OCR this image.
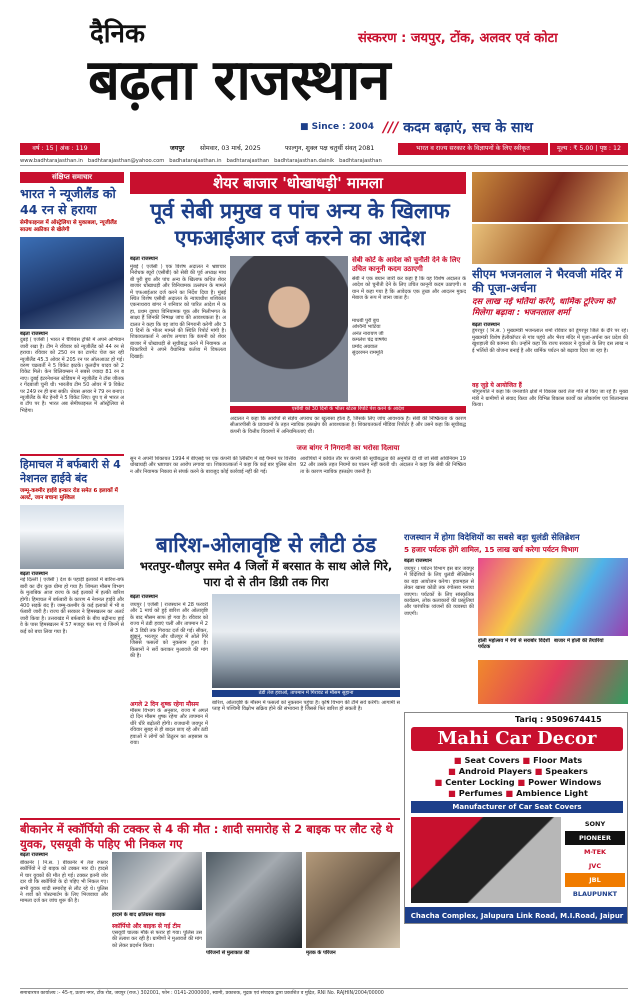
दैनिक
बढ़ता राजस्थान
संस्करण : जयपुर, टोंक, अलवर एवं कोटा
■ Since : 2004 /// कदम बढ़ाएं, सच के साथ
वर्ष : 15 | अंक : 119	जयपुर सोमवार, 03 मार्च, 2025	फाल्गुन, शुक्ल पक्ष चतुर्थी संवत् 2081	भारत व राज्य सरकार के विज्ञापनों के लिए स्वीकृत	मूल्य : ₹ 5.00 | पृष्ठ : 12
www.badhtarajasthan.in badhtarajasthan@yahoo.com badhatarajasthan.in badhtarajasthan badhtarajasthan.dainik badhtarajasthan
संक्षिप्त समाचार
भारत ने न्यूजीलैंड को 44 रन से हराया
सेमीफाइनल में ऑस्ट्रेलिया से मुकाबला, न्यूजीलैंड साउथ अफ्रीका से खेलेगी
बढ़ता राजस्थान
दुबई ( एजेंसी ) भारत ने चैंपियंस ट्रॉफी में अपने अभियान जारी रखा है। टीम ने रविवार को न्यूजीलैंड को 44 रन से हराया। रविवार को 250 रन का टारगेट चेज कर रही न्यूजीलैंड 45.3 ओवर में 205 रन पर ऑलआउट हो गई। वरुण चक्रवर्ती ने 5 विकेट झटके। कुलदीप यादव को 2 विकेट मिले। केन विलियम्सन ने सबसे ज्यादा 81 रन बनाए। दुबई इंटरनेशनल स्टेडियम में न्यूजीलैंड ने टॉस जीतकर गेंदबाजी चुनी थी। भारतीय टीम 50 ओवर में 9 विकेट पर 249 रन ही बना सकी। श्रेयस अय्यर ने 79 रन बनाए। न्यूजीलैंड के मैट हेनरी ने 5 विकेट लिए। ग्रुप ए से भारत अब टॉप पर है। भारत अब सेमीफाइनल में ऑस्ट्रेलिया से भिड़ेगा।
हिमाचल में बर्फबारी से 4 नेशनल हाईवे बंद
जम्मू-कश्मीर हाईवे इन्कार रोड समेत 6 इलाकों में अलर्ट, जान बचाना मुश्किल
बढ़ता राजस्थान
नई दिल्ली ( एजेंसी ) देश के पहाड़ी इलाकों में बारिश-बर्फबारी का दौर कुछ धीमा हो गया है। शिमला मौसम विभाग के मुताबिक आज राज्य के कई इलाकों में हल्की बारिश होगी। हिमाचल में बर्फबारी के कारण 4 नेशनल हाईवे और 400 सड़कें बंद हैं। जम्मू-कश्मीर के कई इलाकों में भी बर्फबारी जारी है। राज्य की सरकार ने हिमस्खलन का अलर्ट जारी किया है। उत्तराखंड में बर्फबारी के बीच बद्रीनाथ हाईवे के पास हिमस्खलन में 57 मजदूर फंस गए थे जिनमें से कई को बचा लिया गया है।
शेयर बाजार 'धोखाधड़ी' मामला
पूर्व सेबी प्रमुख व पांच अन्य के खिलाफ एफआईआर दर्ज करने का आदेश
बढ़ता राजस्थान
मुंबई ( एजेंसी ) एक विशेष अदालत ने भ्रष्टाचार निरोधक ब्यूरो (एसीबी) को सेबी की पूर्व अध्यक्ष माधबी पुरी बुच और पांच अन्य के खिलाफ कथित शेयर बाजार धोखाधड़ी और विनियामक उल्लंघन के मामले में एफआईआर दर्ज करने का निर्देश दिया है। मुंबई स्थित विशेष एसीबी अदालत के न्यायाधीश शशिकांत एकनाथराव बांगर ने शनिवार को पारित आदेश में कहा, प्रथम दृष्टया विनियामक चूक और मिलीभगत के साक्ष्य हैं जिनकी निष्पक्ष जांच की आवश्यकता है। अदालत ने कहा कि वह जांच की निगरानी करेगी और 30 दिनों के भीतर मामले की स्थिति रिपोर्ट मांगी है। शिकायतकर्ता ने आरोप लगाया कि कंपनी को शेयर बाजार में धोखाधड़ी से सूचीबद्ध करने में नियामक अधिकारियों ने अपने वैधानिक कर्तव्य में विफलता दिखाई।
सेबी कोर्ट के आदेश को चुनौती देने के लिए उचित कानूनी कदम उठाएगी
सेबी ने एक बयान जारी कर कहा है कि वह विशेष अदालत के आदेश को चुनौती देने के लिए उचित कानूनी कदम उठाएगी। बयान में कहा गया है कि आवेदक एक तुच्छ और आदतन मुकदमेबाज के रूप में जाना जाता है।
माधबी पुरी बुच
अश्विनी भाटिया
अनंत नारायण जी
कमलेश चंद्र वार्ष्णेय
प्रमोद अग्रवाल
सुंदररमन राममूर्ति
एसीबी को 30 दिनों के भीतर स्टेटस रिपोर्ट पेश करने के आदेश
अदालत ने कहा कि आरोपों से संज्ञेय अपराध का खुलासा होता है, जिसके लिए जांच आवश्यक है। सेबी की निष्क्रियता के कारण सीआरपीसी के प्रावधानों के तहत न्यायिक हस्तक्षेप की आवश्यकता है। शिकायतकर्ता मीडिया रिपोर्टर है और उसने कहा कि सूचीबद्ध कंपनी के वित्तीय विवरणों में अनियमितताएं थीं।
जज बांगर ने निगरानी का भरोसा दिलाया
सुन ने अपनी शिकायत 1994 में बीएसई पर एक कंपनी की लिस्टिंग में बड़े पैमाने पर वित्तीय धोखाधड़ी और भ्रष्टाचार का आरोप लगाया था। शिकायतकर्ता ने कहा कि कई बार पुलिस स्टेशन और नियामक निकाय से संपर्क करने के बावजूद कोई कार्रवाई नहीं की गई।
आरोपियों ने कथित तौर पर कंपनी की सूचीबद्धता की अनुमति दी थी जो सेबी अधिनियम 1992 और उसके तहत नियमों का पालन नहीं करती थी। अदालत ने कहा कि सेबी की निष्क्रियता के कारण न्यायिक हस्तक्षेप जरूरी है।
सीएम भजनलाल ने भैरवजी मंदिर में की पूजा-अर्चना
दस लाख नई भर्तियां करेंगे, धार्मिक टूरिज्म को मिलेगा बढ़ावा : भजनलाल शर्मा
बढ़ता राजस्थान
डूंगरपुर ( नि.स. ) मुख्यमंत्री भजनलाल शर्मा रविवार को डूंगरपुर जिले के दौरे पर रहे। मुख्यमंत्री विशेष हेलीकॉप्टर से गांव पहुंचे और भैरव मंदिर में पूजा-अर्चना कर प्रदेश की खुशहाली की कामना की। उन्होंने कहा कि राज्य सरकार ने युवाओं के लिए दस लाख नई भर्तियों की योजना बनाई है और धार्मिक पर्यटन को बढ़ावा दिया जा रहा है।
वह जुड़े ये आयोजित हैं
श्रीगुरुपति ने कहा कि जनजाति क्षेत्रों में विकास कार्य तेज गति से किए जा रहे हैं। मुख्यमंत्री ने ग्रामीणों से संवाद किया और विभिन्न विकास कार्यों का लोकार्पण एवं शिलान्यास किया।
बारिश-ओलावृष्टि से लौटी ठंड
भरतपुर-धौलपुर समेत 4 जिलों में बरसात के साथ ओले गिरे, पारा दो से तीन डिग्री तक गिरा
बढ़ता राजस्थान
जयपुर ( एजेंसी ) राजस्थान में 28 फरवरी और 1 मार्च को हुई बारिश और ओलावृष्टि के बाद मौसम साफ हो गया है। रविवार को राज्य में ठंडी हवाएं चलीं और तापमान में 2 से 3 डिग्री तक गिरावट दर्ज की गई। सीकर, झुंझुनूं, भरतपुर और धौलपुर में ओले गिरे जिससे फसलों को नुकसान हुआ है। किसानों ने सर्वे कराकर मुआवजे की मांग की है।
ठंडी तेज हवाओं, तापमान में गिरावट से मौसम सुहाना
बारिश, ओलावृष्टि के मौसम में फसलों को नुकसान पहुंचा है। कृषि विभाग की टीमें सर्वे करेंगी। आगामी सप्ताह में पश्चिमी विक्षोभ सक्रिय होने की संभावना है जिससे फिर बारिश हो सकती है।
अगले 2 दिन शुष्क रहेगा मौसम
मौसम विभाग के अनुसार, राज्य में अगले दो दिन मौसम शुष्क रहेगा और तापमान में धीरे धीरे बढ़ोतरी होगी। राजधानी जयपुर में रविवार सुबह से ही बादल छाए रहे और ठंडी हवाओं ने लोगों को ठिठुरन का अहसास कराया।
राजस्थान में होगा विदेशियों का सबसे बड़ा धुलंडी सेलिब्रेशन
5 हजार पर्यटक होंगे शामिल, 15 लाख खर्च करेगा पर्यटन विभाग
बढ़ता राजस्थान
जयपुर । पर्यटन विभाग इस बार जयपुर में विदेशियों के लिए धुलंडी सेलिब्रेशन का बड़ा आयोजन करेगा। हवामहल से लेकर खासा कोठी तक रंगोत्सव मनाया जाएगा। पर्यटकों के लिए सांस्कृतिक कार्यक्रम, लोक कलाकारों की प्रस्तुतियां और पारंपरिक व्यंजनों की व्यवस्था की जाएगी।
होली महोत्सव में रंगों से सराबोर विदेशी पर्यटक
बाजार में होली की तैयारियां
Tariq : 9509674415
Mahi Car Decor
■ Seat Covers ■ Floor Mats
■ Android Players ■ Speakers
■ Center Locking ■ Power Windows
■ Perfumes ■ Ambience Light
Manufacturer of Car Seat Covers
SONY
PIONEER
M-TEK
JVC
JBL
BLAUPUNKT
Chacha Complex, Jalupura Link Road, M.I.Road, Jaipur
बीकानेर में स्कॉर्पियो की टक्कर से 4 की मौत : शादी समारोह से 2 बाइक पर लौट रहे थे युवक, एसयूवी के पहिए भी निकल गए
बढ़ता राजस्थान
बीकानेर ( नि.स. ) बीकानेर में तेज रफ्तार स्कॉर्पियो ने दो बाइक को टक्कर मार दी। हादसे में चार युवकों की मौत हो गई। टक्कर इतनी जोरदार थी कि स्कॉर्पियो के दो पहिए भी निकल गए। सभी युवक शादी समारोह से लौट रहे थे। पुलिस ने शवों को पोस्टमार्टम के लिए भिजवाया और मामला दर्ज कर जांच शुरू की है।
हादसे के बाद क्षतिग्रस्त बाइक
स्कॉर्पियो और बाइक से गई टीम
एसयूवी चालक मौके से फरार हो गया। पुलिस उसकी तलाश कर रही है। ग्रामीणों ने मुआवजे की मांग को लेकर प्रदर्शन किया।
परिजनों से मुलाकात की	मृतक के परिजन
समाचारपत्र कार्यालय :- 45-ए, प्रताप नगर, टोंक रोड, जयपुर (राज.) 302001, फोन : 0141-2000000, स्वामी, प्रकाशक, मुद्रक एवं संपादक द्वारा प्रकाशित व मुद्रित, RNI No. RAJHIN/2004/00000
